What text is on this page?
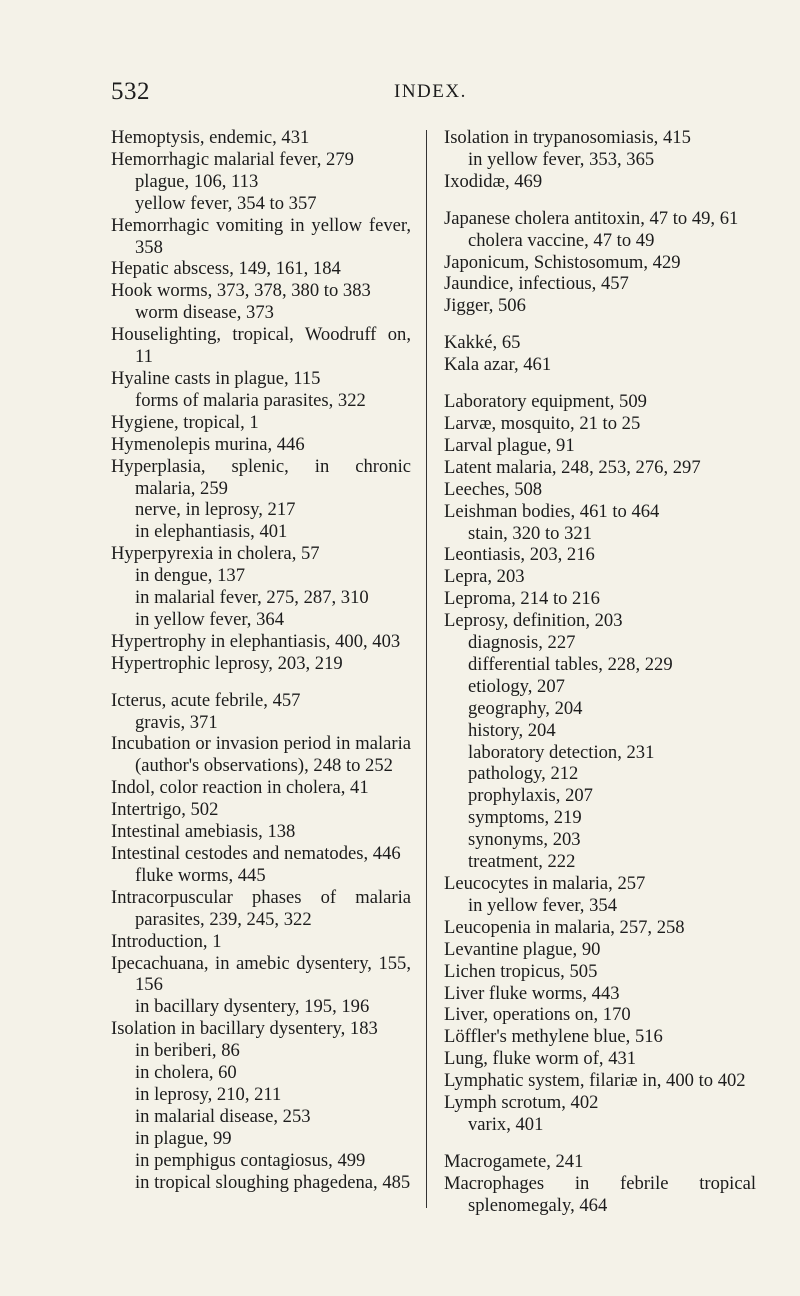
532	INDEX.
Hemoptysis, endemic, 431
Hemorrhagic malarial fever, 279
plague, 106, 113
yellow fever, 354 to 357
Hemorrhagic vomiting in yellow fever, 358
Hepatic abscess, 149, 161, 184
Hook worms, 373, 378, 380 to 383
worm disease, 373
Houselighting, tropical, Woodruff on, 11
Hyaline casts in plague, 115
forms of malaria parasites, 322
Hygiene, tropical, 1
Hymenolepis murina, 446
Hyperplasia, splenic, in chronic malaria, 259
nerve, in leprosy, 217
in elephantiasis, 401
Hyperpyrexia in cholera, 57
in dengue, 137
in malarial fever, 275, 287, 310
in yellow fever, 364
Hypertrophy in elephantiasis, 400, 403
Hypertrophic leprosy, 203, 219
Icterus, acute febrile, 457
gravis, 371
Incubation or invasion period in malaria (author's observations), 248 to 252
Indol, color reaction in cholera, 41
Intertrigo, 502
Intestinal amebiasis, 138
Intestinal cestodes and nematodes, 446
fluke worms, 445
Intracorpuscular phases of malaria parasites, 239, 245, 322
Introduction, 1
Ipecachuana, in amebic dysentery, 155, 156
in bacillary dysentery, 195, 196
Isolation in bacillary dysentery, 183
in beriberi, 86
in cholera, 60
in leprosy, 210, 211
in malarial disease, 253
in plague, 99
in pemphigus contagiosus, 499
in tropical sloughing phagedena, 485
Isolation in trypanosomiasis, 415
in yellow fever, 353, 365
Ixodidæ, 469
Japanese cholera antitoxin, 47 to 49, 61
cholera vaccine, 47 to 49
Japonicum, Schistosomum, 429
Jaundice, infectious, 457
Jigger, 506
Kakké, 65
Kala azar, 461
Laboratory equipment, 509
Larvæ, mosquito, 21 to 25
Larval plague, 91
Latent malaria, 248, 253, 276, 297
Leeches, 508
Leishman bodies, 461 to 464
stain, 320 to 321
Leontiasis, 203, 216
Lepra, 203
Leproma, 214 to 216
Leprosy, definition, 203
diagnosis, 227
differential tables, 228, 229
etiology, 207
geography, 204
history, 204
laboratory detection, 231
pathology, 212
prophylaxis, 207
symptoms, 219
synonyms, 203
treatment, 222
Leucocytes in malaria, 257
in yellow fever, 354
Leucopenia in malaria, 257, 258
Levantine plague, 90
Lichen tropicus, 505
Liver fluke worms, 443
Liver, operations on, 170
Löffler's methylene blue, 516
Lung, fluke worm of, 431
Lymphatic system, filariæ in, 400 to 402
Lymph scrotum, 402
varix, 401
Macrogamete, 241
Macrophages in febrile tropical splenomegaly, 464
